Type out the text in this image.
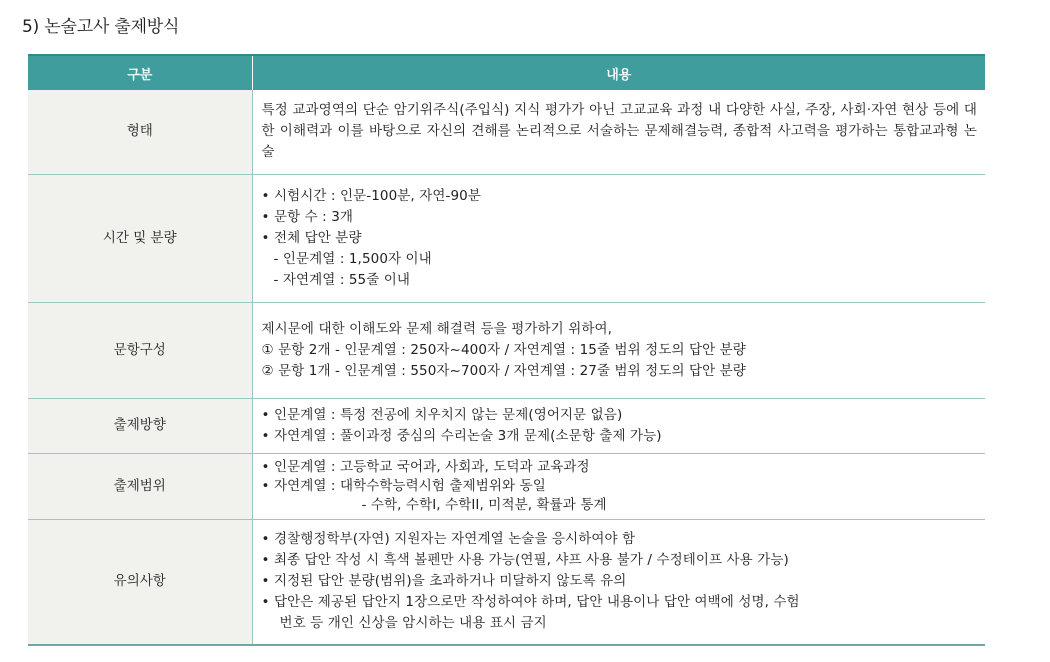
5) 논술고사 출제방식
구분	내용
형태	특정 교과영역의 단순 암기위주식(주입식) 지식 평가가 아닌 고교교육 과정 내 다양한 사실, 주장, 사회·자연 현상 등에 대한 이해력과 이를 바탕으로 자신의 견해를 논리적으로 서술하는 문제해결능력, 종합적 사고력을 평가하는 통합교과형 논술
시간 및 분량	• 시험시간 : 인문-100분, 자연-90분
• 문항 수 : 3개
• 전체 답안 분량
- 인문계열 : 1,500자 이내
- 자연계열 : 55줄 이내

문항구성	제시문에 대한 이해도와 문제 해결력 등을 평가하기 위하여,
① 문항 2개 - 인문계열 : 250자~400자 / 자연계열 : 15줄 범위 정도의 답안 분량
② 문항 1개 - 인문계열 : 550자~700자 / 자연계열 : 27줄 범위 정도의 답안 분량

출제방향	• 인문계열 : 특정 전공에 치우치지 않는 문제(영어지문 없음)
• 자연계열 : 풀이과정 중심의 수리논술 3개 문제(소문항 출제 가능)

출제범위	• 인문계열 : 고등학교 국어과, 사회과, 도덕과 교육과정
• 자연계열 : 대학수학능력시험 출제범위와 동일
- 수학, 수학I, 수학II, 미적분, 확률과 통계

유의사항	• 경찰행정학부(자연) 지원자는 자연계열 논술을 응시하여야 함
• 최종 답안 작성 시 흑색 볼펜만 사용 가능(연필, 샤프 사용 불가 / 수정테이프 사용 가능)
• 지정된 답안 분량(범위)을 초과하거나 미달하지 않도록 유의
• 답안은 제공된 답안지 1장으로만 작성하여야 하며, 답안 내용이나 답안 여백에 성명, 수험
번호 등 개인 신상을 암시하는 내용 표시 금지
